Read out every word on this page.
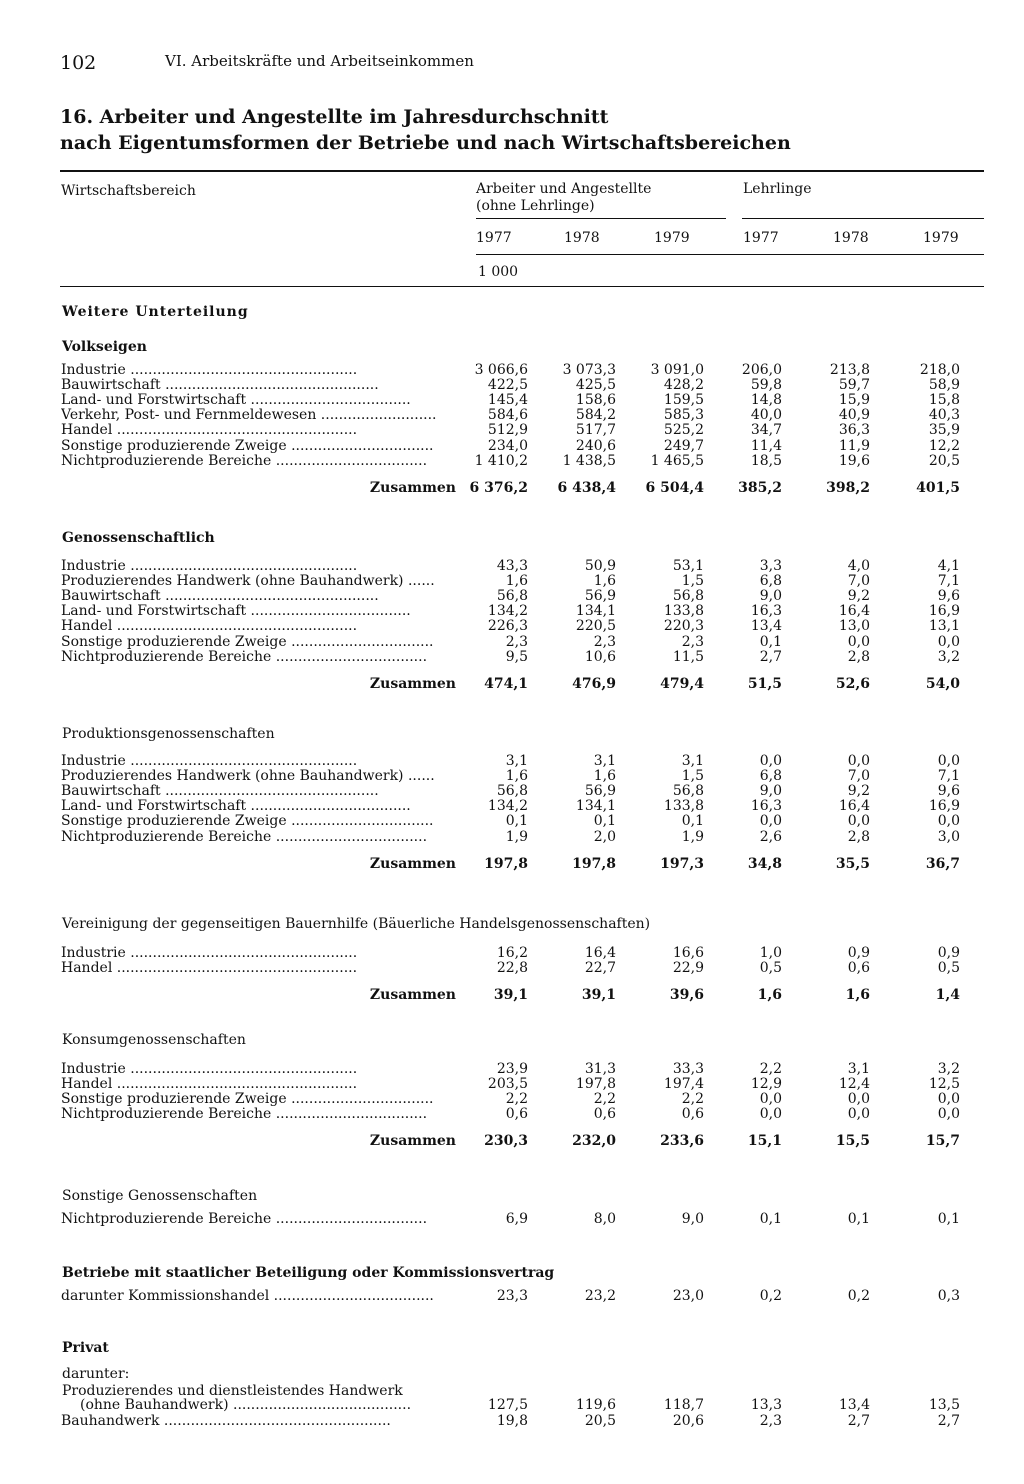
102	VI. Arbeitskräfte und Arbeitseinkommen
16. Arbeiter und Angestellte im Jahresdurchschnitt
nach Eigentumsformen der Betriebe und nach Wirtschaftsbereichen
Wirtschaftsbereich	Arbeiter und Angestellte
(ohne Lehrlinge)
Lehrlinge
1977	1978	1979	1977	1978	1979
1 000
Weitere Unterteilung
Volkseigen
Industrie ...................................................	3 066,6	3 073,3	3 091,0	206,0	213,8	218,0
Bauwirtschaft ................................................	422,5	425,5	428,2	59,8	59,7	58,9
Land- und Forstwirtschaft ....................................	145,4	158,6	159,5	14,8	15,9	15,8
Verkehr, Post- und Fernmeldewesen ..........................	584,6	584,2	585,3	40,0	40,9	40,3
Handel ......................................................	512,9	517,7	525,2	34,7	36,3	35,9
Sonstige produzierende Zweige ................................	234,0	240,6	249,7	11,4	11,9	12,2
Nichtproduzierende Bereiche ..................................	1 410,2	1 438,5	1 465,5	18,5	19,6	20,5
Zusammen 6 376,2	6 438,4	6 504,4	385,2	398,2	401,5
Genossenschaftlich
Industrie ...................................................	43,3	50,9	53,1	3,3	4,0	4,1
Produzierendes Handwerk (ohne Bauhandwerk) ......	1,6	1,6	1,5	6,8	7,0	7,1
Bauwirtschaft ................................................	56,8	56,9	56,8	9,0	9,2	9,6
Land- und Forstwirtschaft ....................................	134,2	134,1	133,8	16,3	16,4	16,9
Handel ......................................................	226,3	220,5	220,3	13,4	13,0	13,1
Sonstige produzierende Zweige ................................	2,3	2,3	2,3	0,1	0,0	0,0
Nichtproduzierende Bereiche ..................................	9,5	10,6	11,5	2,7	2,8	3,2
Zusammen	474,1	476,9	479,4	51,5	52,6	54,0
Produktionsgenossenschaften
Industrie ...................................................	3,1	3,1	3,1	0,0	0,0	0,0
Produzierendes Handwerk (ohne Bauhandwerk) ......	1,6	1,6	1,5	6,8	7,0	7,1
Bauwirtschaft ................................................	56,8	56,9	56,8	9,0	9,2	9,6
Land- und Forstwirtschaft ....................................	134,2	134,1	133,8	16,3	16,4	16,9
Sonstige produzierende Zweige ................................	0,1	0,1	0,1	0,0	0,0	0,0
Nichtproduzierende Bereiche ..................................	1,9	2,0	1,9	2,6	2,8	3,0
Zusammen	197,8	197,8	197,3	34,8	35,5	36,7
Vereinigung der gegenseitigen Bauernhilfe (Bäuerliche Handelsgenossenschaften)
Industrie ...................................................	16,2	16,4	16,6	1,0	0,9	0,9
Handel ......................................................	22,8	22,7	22,9	0,5	0,6	0,5
Zusammen	39,1	39,1	39,6	1,6	1,6	1,4
Konsumgenossenschaften
Industrie ...................................................	23,9	31,3	33,3	2,2	3,1	3,2
Handel ......................................................	203,5	197,8	197,4	12,9	12,4	12,5
Sonstige produzierende Zweige ................................	2,2	2,2	2,2	0,0	0,0	0,0
Nichtproduzierende Bereiche ..................................	0,6	0,6	0,6	0,0	0,0	0,0
Zusammen	230,3	232,0	233,6	15,1	15,5	15,7
Sonstige Genossenschaften
Nichtproduzierende Bereiche ..................................	6,9	8,0	9,0	0,1	0,1	0,1
Betriebe mit staatlicher Beteiligung oder Kommissionsvertrag
darunter Kommissionshandel ....................................	23,3	23,2	23,0	0,2	0,2	0,3
Privat
darunter:
Produzierendes und dienstleistendes Handwerk
(ohne Bauhandwerk) ........................................	127,5	119,6	118,7	13,3	13,4	13,5
Bauhandwerk ...................................................	19,8	20,5	20,6	2,3	2,7	2,7
